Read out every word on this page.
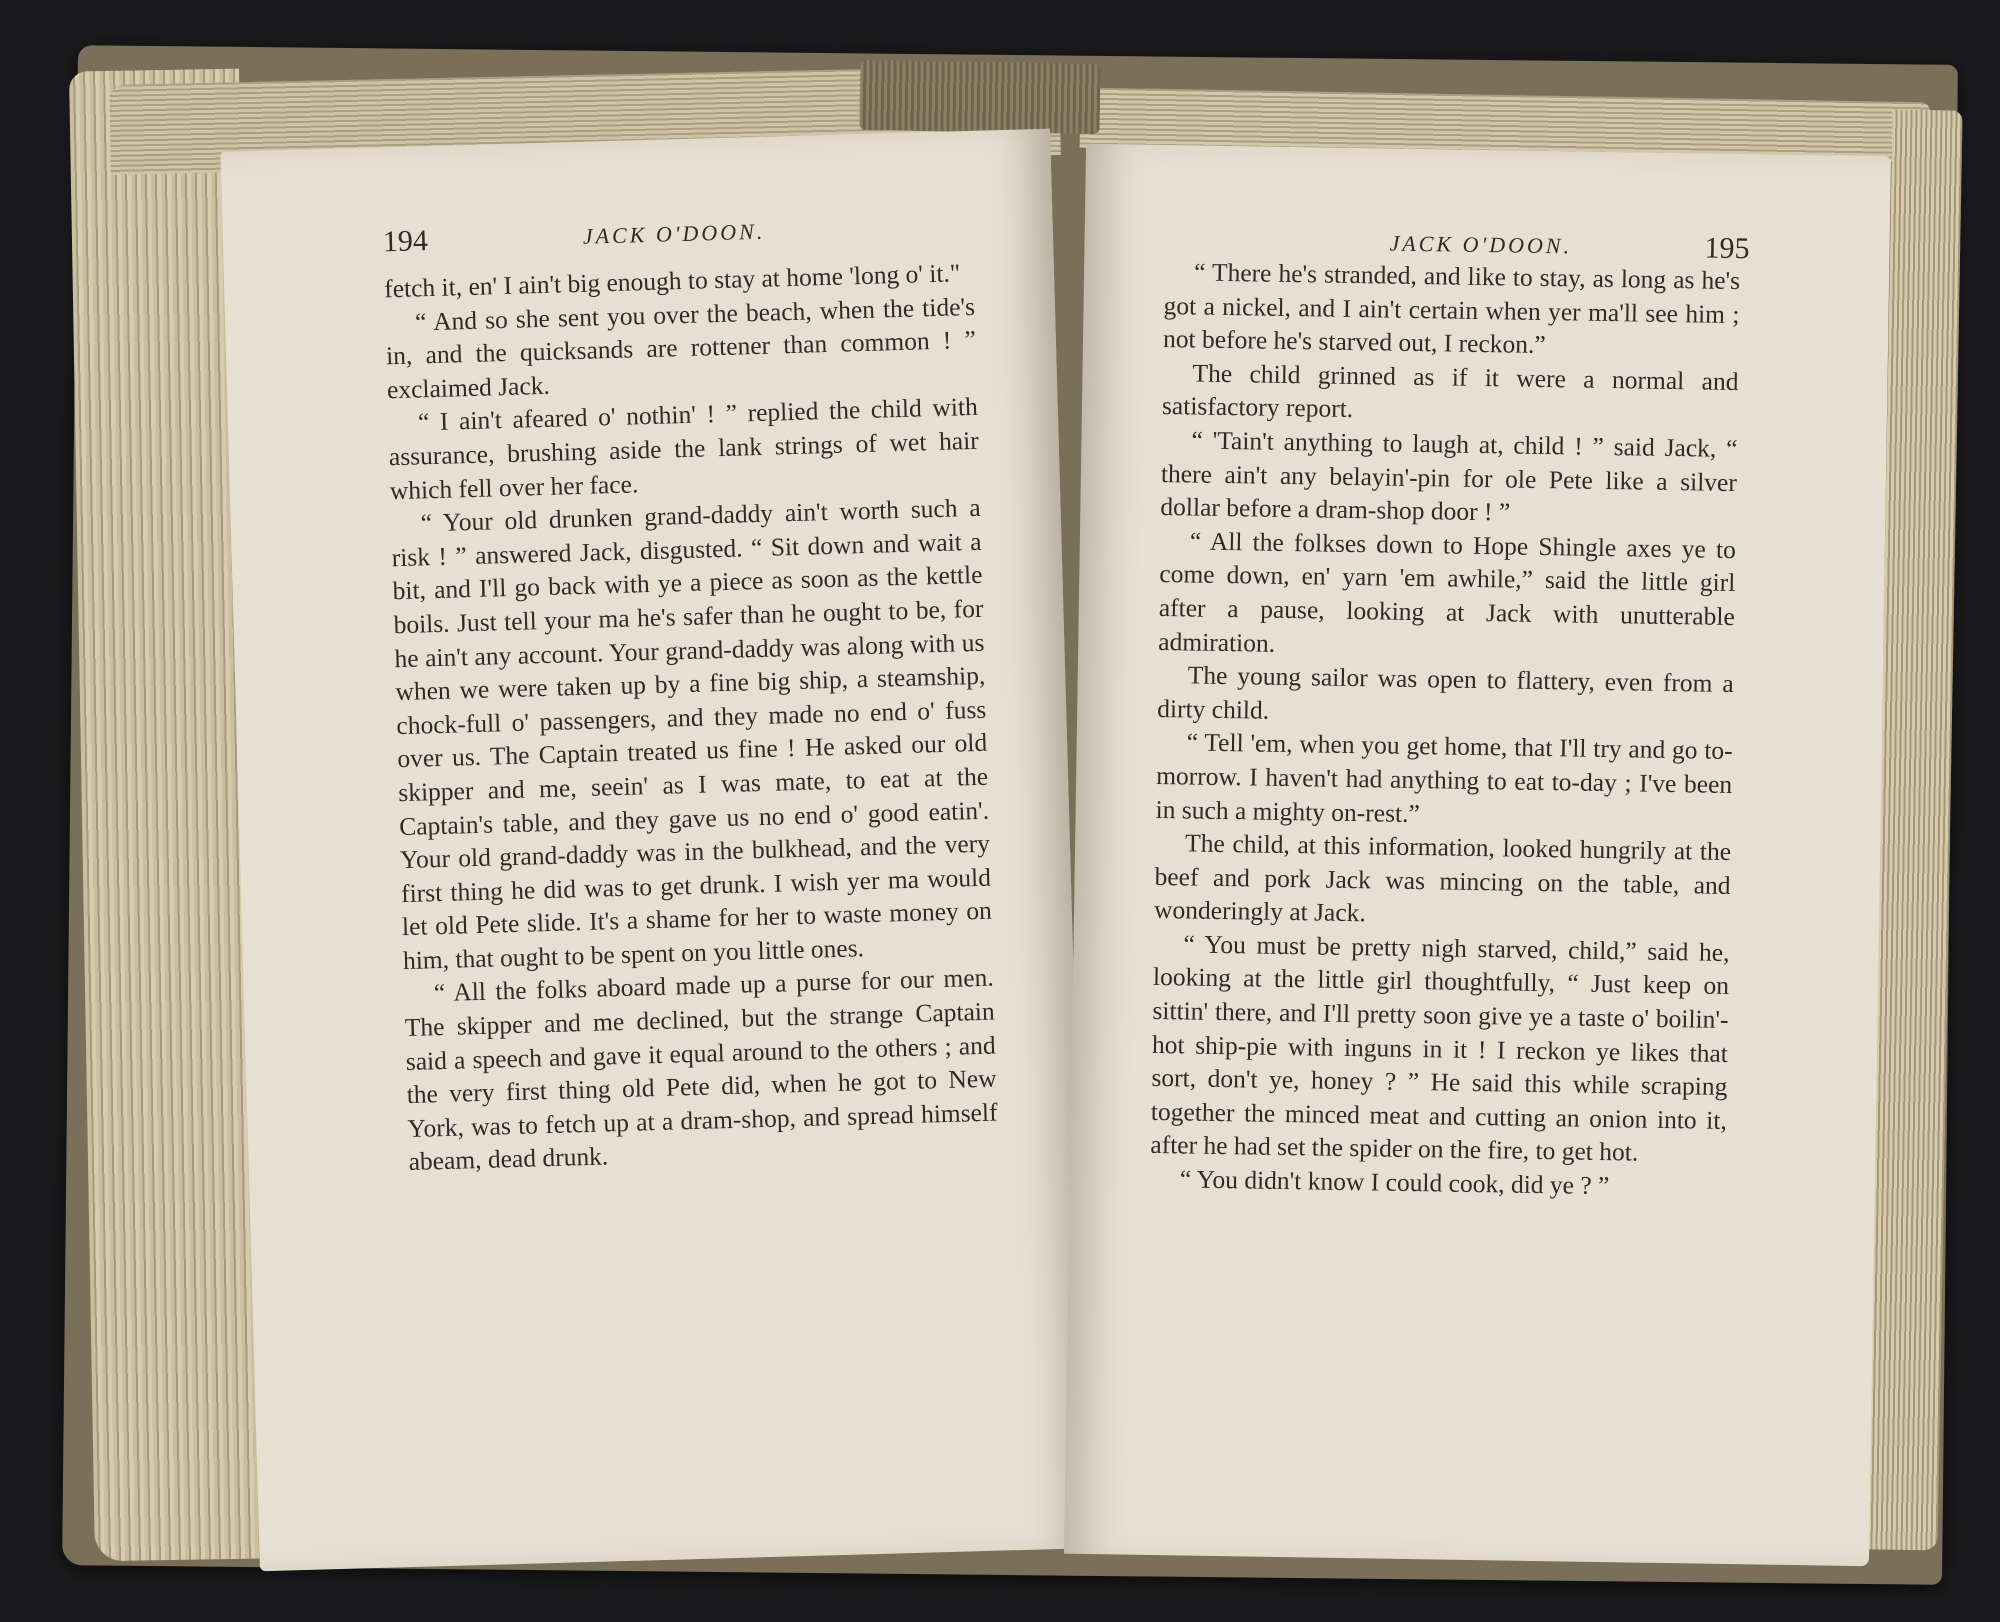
194	JACK O'DOON.

fetch it, en' I ain't big enough to stay at home 'long o' it."

“ And so she sent you over the beach, when the tide's in, and the quicksands are rottener than common ! ” exclaimed Jack.

“ I ain't afeared o' nothin' ! ” replied the child with assurance, brushing aside the lank strings of wet hair which fell over her face.

“ Your old drunken grand-daddy ain't worth such a risk ! ” answered Jack, disgusted. “ Sit down and wait a bit, and I'll go back with ye a piece as soon as the kettle boils. Just tell your ma he's safer than he ought to be, for he ain't any account. Your grand-daddy was along with us when we were taken up by a fine big ship, a steamship, chock-full o' passengers, and they made no end o' fuss over us. The Captain treated us fine ! He asked our old skipper and me, seein' as I was mate, to eat at the Captain's table, and they gave us no end o' good eatin'. Your old grand-daddy was in the bulkhead, and the very first thing he did was to get drunk. I wish yer ma would let old Pete slide. It's a shame for her to waste money on him, that ought to be spent on you little ones.

“ All the folks aboard made up a purse for our men. The skipper and me declined, but the strange Captain said a speech and gave it equal around to the others ; and the very first thing old Pete did, when he got to New York, was to fetch up at a dram-shop, and spread himself abeam, dead drunk.

JACK O'DOON.	195

“ There he's stranded, and like to stay, as long as he's got a nickel, and I ain't certain when yer ma'll see him ; not before he's starved out, I reckon.”

The child grinned as if it were a normal and satisfactory report.

“ 'Tain't anything to laugh at, child ! ” said Jack, “ there ain't any belayin'-pin for ole Pete like a silver dollar before a dram-shop door ! ”

“ All the folkses down to Hope Shingle axes ye to come down, en' yarn 'em awhile,” said the little girl after a pause, looking at Jack with unutterable admiration.

The young sailor was open to flattery, even from a dirty child.

“ Tell 'em, when you get home, that I'll try and go to-morrow. I haven't had anything to eat to-day ; I've been in such a mighty on-rest.”

The child, at this information, looked hungrily at the beef and pork Jack was mincing on the table, and wonderingly at Jack.

“ You must be pretty nigh starved, child,” said he, looking at the little girl thoughtfully, “ Just keep on sittin' there, and I'll pretty soon give ye a taste o' boilin'-hot ship-pie with inguns in it ! I reckon ye likes that sort, don't ye, honey ? ” He said this while scraping together the minced meat and cutting an onion into it, after he had set the spider on the fire, to get hot.

“ You didn't know I could cook, did ye ? ”
